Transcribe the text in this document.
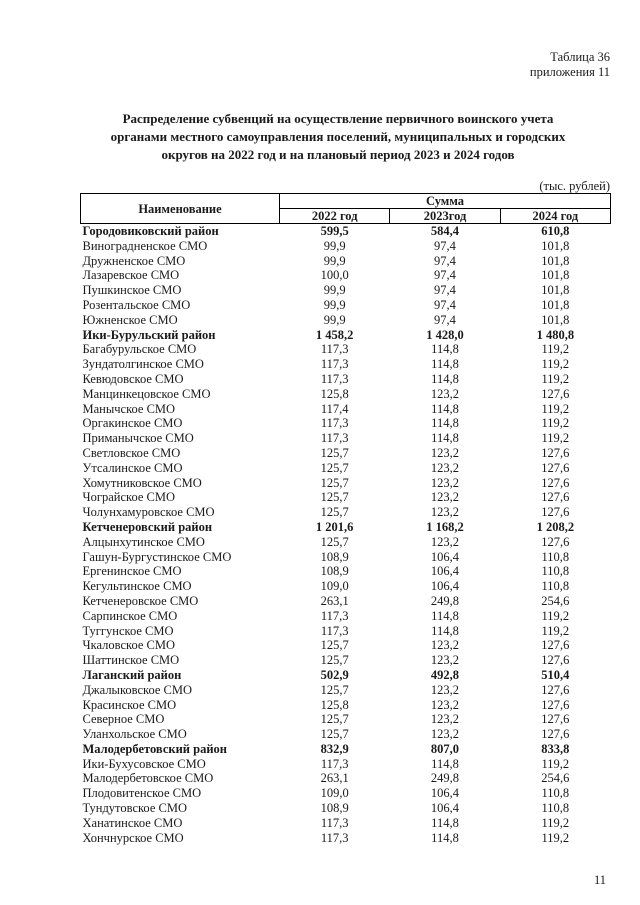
Таблица 36
приложения 11
Распределение субвенций на осуществление первичного воинского учета
органами местного самоуправления поселений, муниципальных и городских
округов на 2022 год и на плановый период 2023 и 2024 годов
(тыс. рублей)
Наименование	Сумма		
	2022 год	2023год	2024 год
Городовиковский район	599,5	584,4	610,8
Виноградненское СМО	99,9	97,4	101,8
Дружненское СМО	99,9	97,4	101,8
Лазаревское СМО	100,0	97,4	101,8
Пушкинское СМО	99,9	97,4	101,8
Розентальское СМО	99,9	97,4	101,8
Южненское СМО	99,9	97,4	101,8
Ики-Бурульский район	1 458,2	1 428,0	1 480,8
Багабурульское СМО	117,3	114,8	119,2
Зундатолгинское СМО	117,3	114,8	119,2
Кевюдовское СМО	117,3	114,8	119,2
Манцинкецовское СМО	125,8	123,2	127,6
Манычское СМО	117,4	114,8	119,2
Оргакинское СМО	117,3	114,8	119,2
Приманычское СМО	117,3	114,8	119,2
Светловское СМО	125,7	123,2	127,6
Утсалинское СМО	125,7	123,2	127,6
Хомутниковское СМО	125,7	123,2	127,6
Чограйское СМО	125,7	123,2	127,6
Чолунхамуровское СМО	125,7	123,2	127,6
Кетченеровский район	1 201,6	1 168,2	1 208,2
Алцынхутинское СМО	125,7	123,2	127,6
Гашун-Бургустинское СМО	108,9	106,4	110,8
Ергенинское СМО	108,9	106,4	110,8
Кегультинское СМО	109,0	106,4	110,8
Кетченеровское СМО	263,1	249,8	254,6
Сарпинское СМО	117,3	114,8	119,2
Туггунское СМО	117,3	114,8	119,2
Чкаловское СМО	125,7	123,2	127,6
Шаттинское СМО	125,7	123,2	127,6
Лаганский район	502,9	492,8	510,4
Джалыковское СМО	125,7	123,2	127,6
Красинское СМО	125,8	123,2	127,6
Северное СМО	125,7	123,2	127,6
Уланхольское СМО	125,7	123,2	127,6
Малодербетовский район	832,9	807,0	833,8
Ики-Бухусовское СМО	117,3	114,8	119,2
Малодербетовское СМО	263,1	249,8	254,6
Плодовитенское СМО	109,0	106,4	110,8
Тундутовское СМО	108,9	106,4	110,8
Ханатинское СМО	117,3	114,8	119,2
Хончнурское СМО	117,3	114,8	119,2
11
